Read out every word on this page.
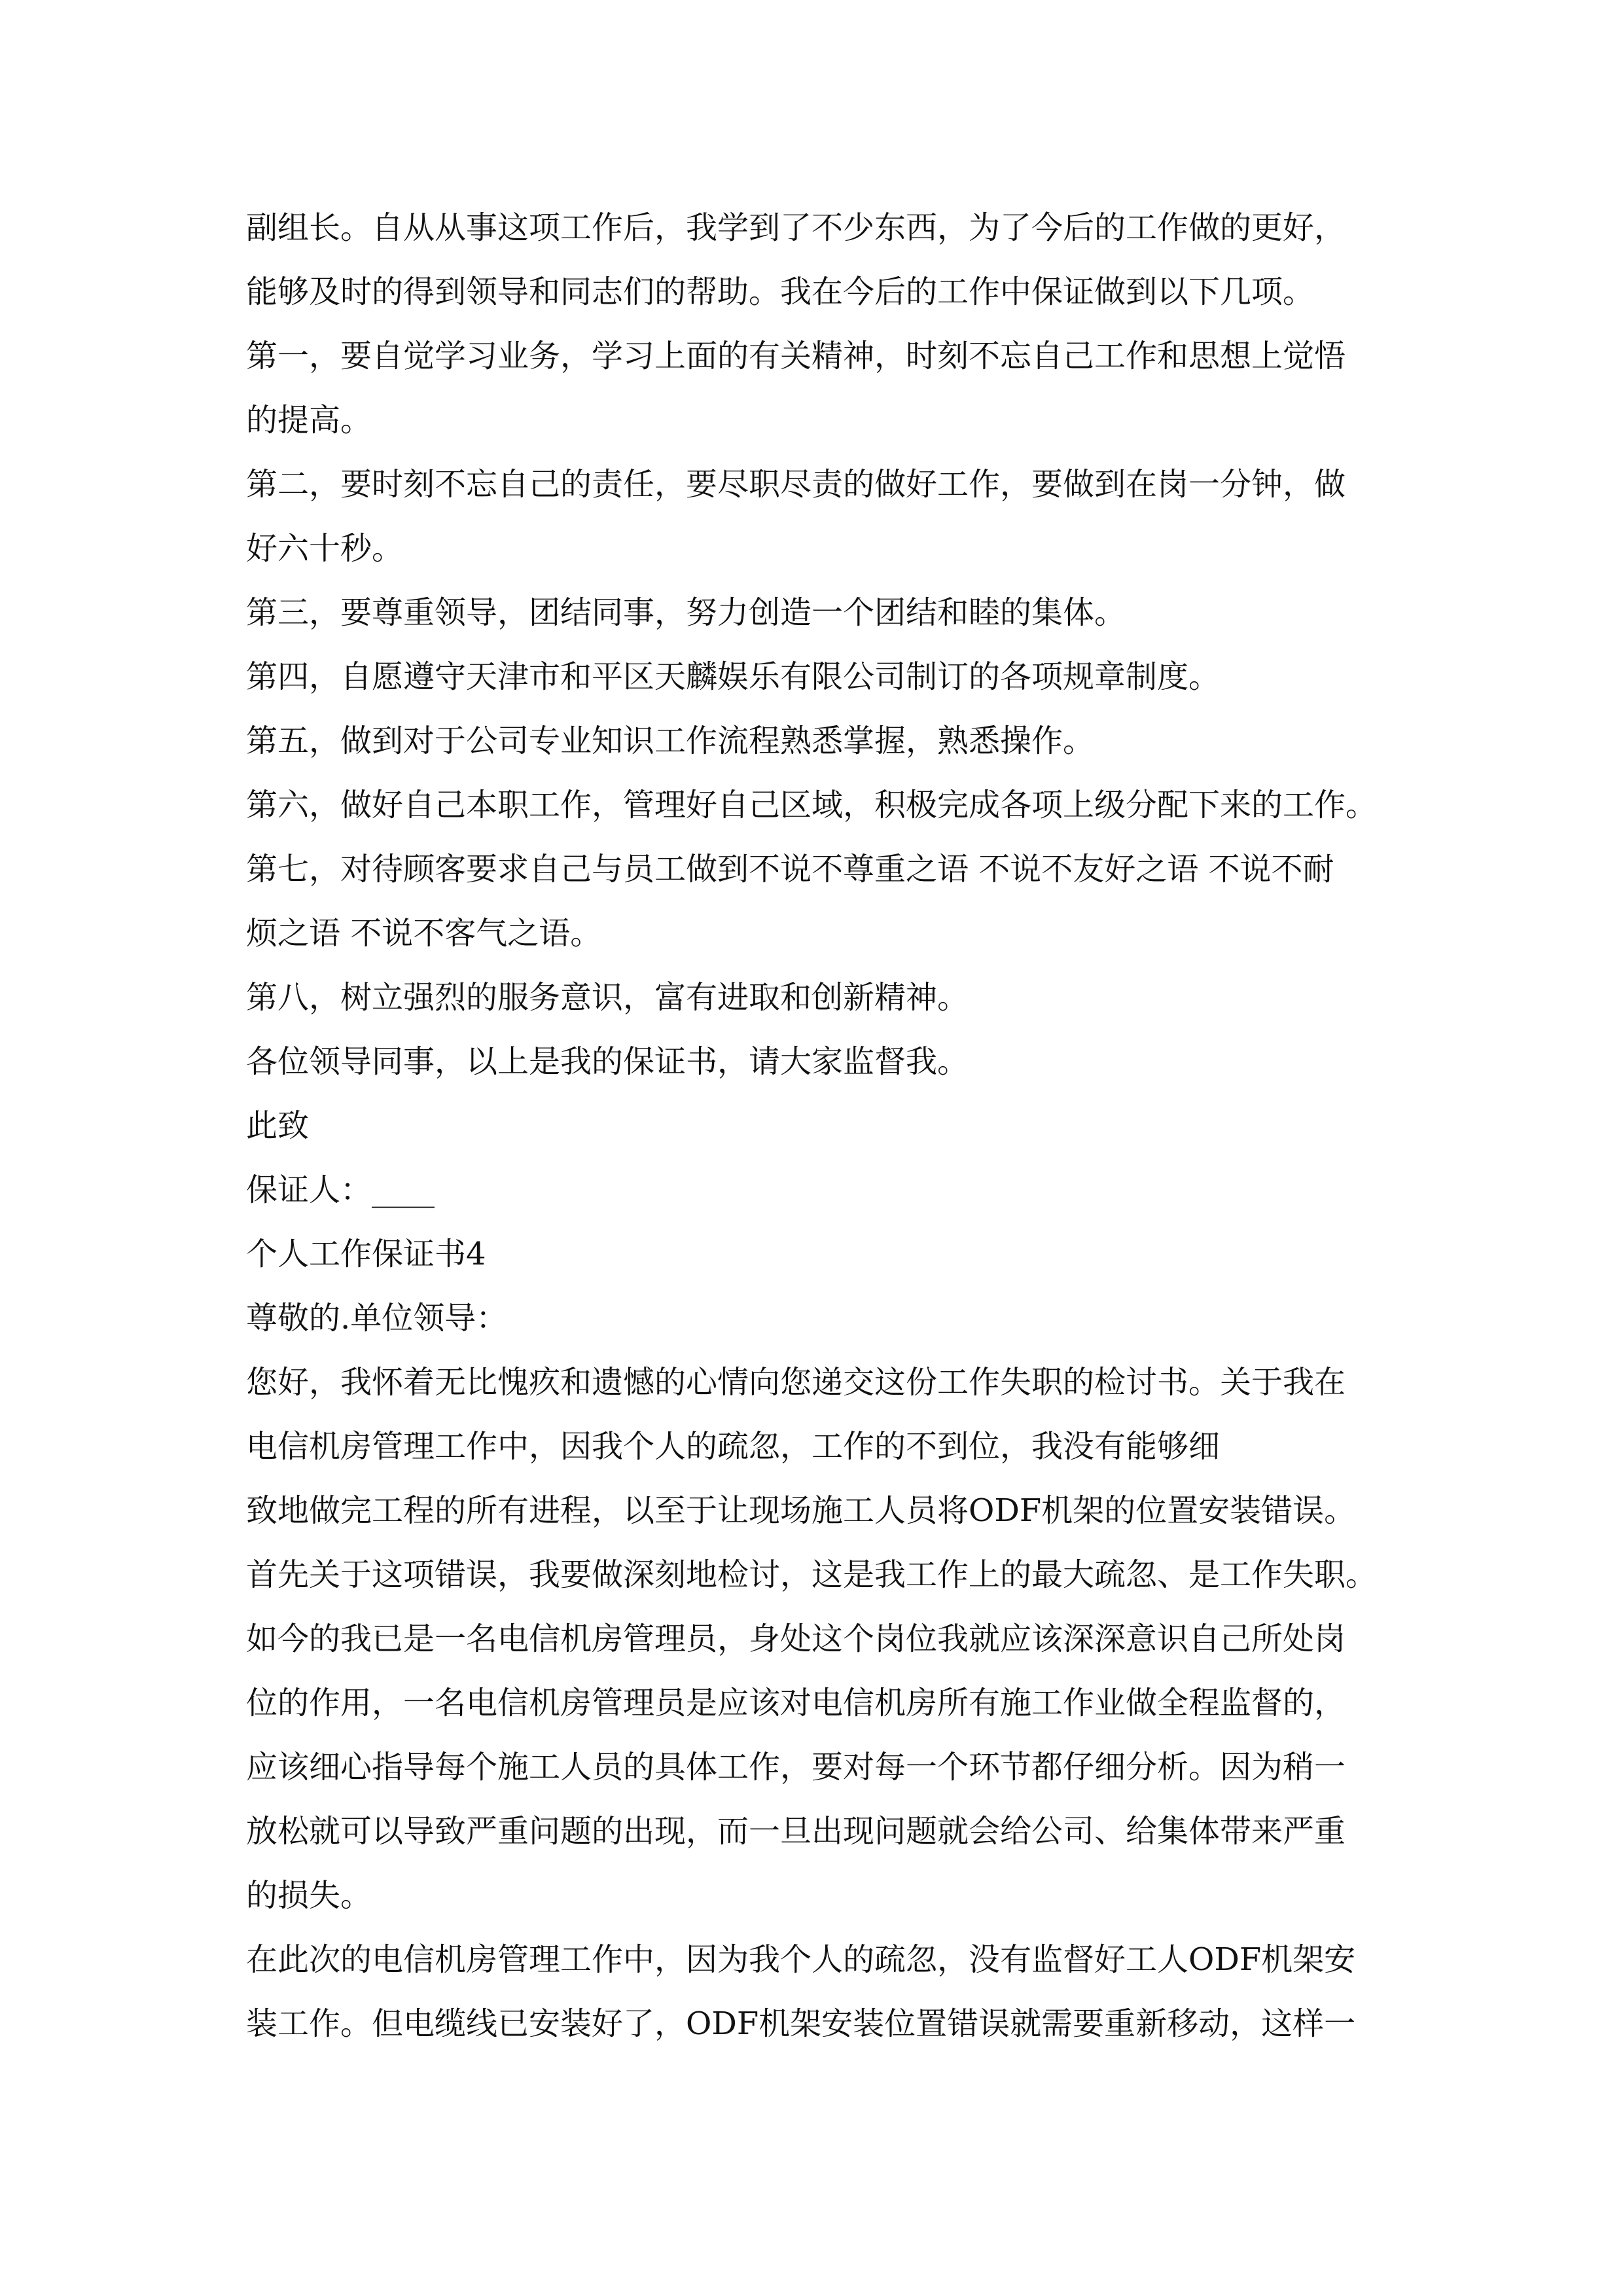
副组长。自从从事这项工作后，我学到了不少东西，为了今后的工作做的更好，
能够及时的得到领导和同志们的帮助。我在今后的工作中保证做到以下几项。
第一，要自觉学习业务，学习上面的有关精神，时刻不忘自己工作和思想上觉悟
的提高。
第二，要时刻不忘自己的责任，要尽职尽责的做好工作，要做到在岗一分钟，做
好六十秒。
第三，要尊重领导，团结同事，努力创造一个团结和睦的集体。
第四，自愿遵守天津市和平区天麟娱乐有限公司制订的各项规章制度。
第五，做到对于公司专业知识工作流程熟悉掌握，熟悉操作。
第六，做好自己本职工作，管理好自己区域，积极完成各项上级分配下来的工作。
第七，对待顾客要求自己与员工做到不说不尊重之语 不说不友好之语 不说不耐
烦之语 不说不客气之语。
第八，树立强烈的服务意识，富有进取和创新精神。
各位领导同事，以上是我的保证书，请大家监督我。
此致
保证人：____
个人工作保证书4
尊敬的.单位领导：
您好，我怀着无比愧疚和遗憾的心情向您递交这份工作失职的检讨书。关于我在
电信机房管理工作中，因我个人的疏忽，工作的不到位，我没有能够细
致地做完工程的所有进程，以至于让现场施工人员将ODF机架的位置安装错误。
首先关于这项错误，我要做深刻地检讨，这是我工作上的最大疏忽、是工作失职。
如今的我已是一名电信机房管理员，身处这个岗位我就应该深深意识自己所处岗
位的作用，一名电信机房管理员是应该对电信机房所有施工作业做全程监督的，
应该细心指导每个施工人员的具体工作，要对每一个环节都仔细分析。因为稍一
放松就可以导致严重问题的出现，而一旦出现问题就会给公司、给集体带来严重
的损失。
在此次的电信机房管理工作中，因为我个人的疏忽，没有监督好工人ODF机架安
装工作。但电缆线已安装好了，ODF机架安装位置错误就需要重新移动，这样一
